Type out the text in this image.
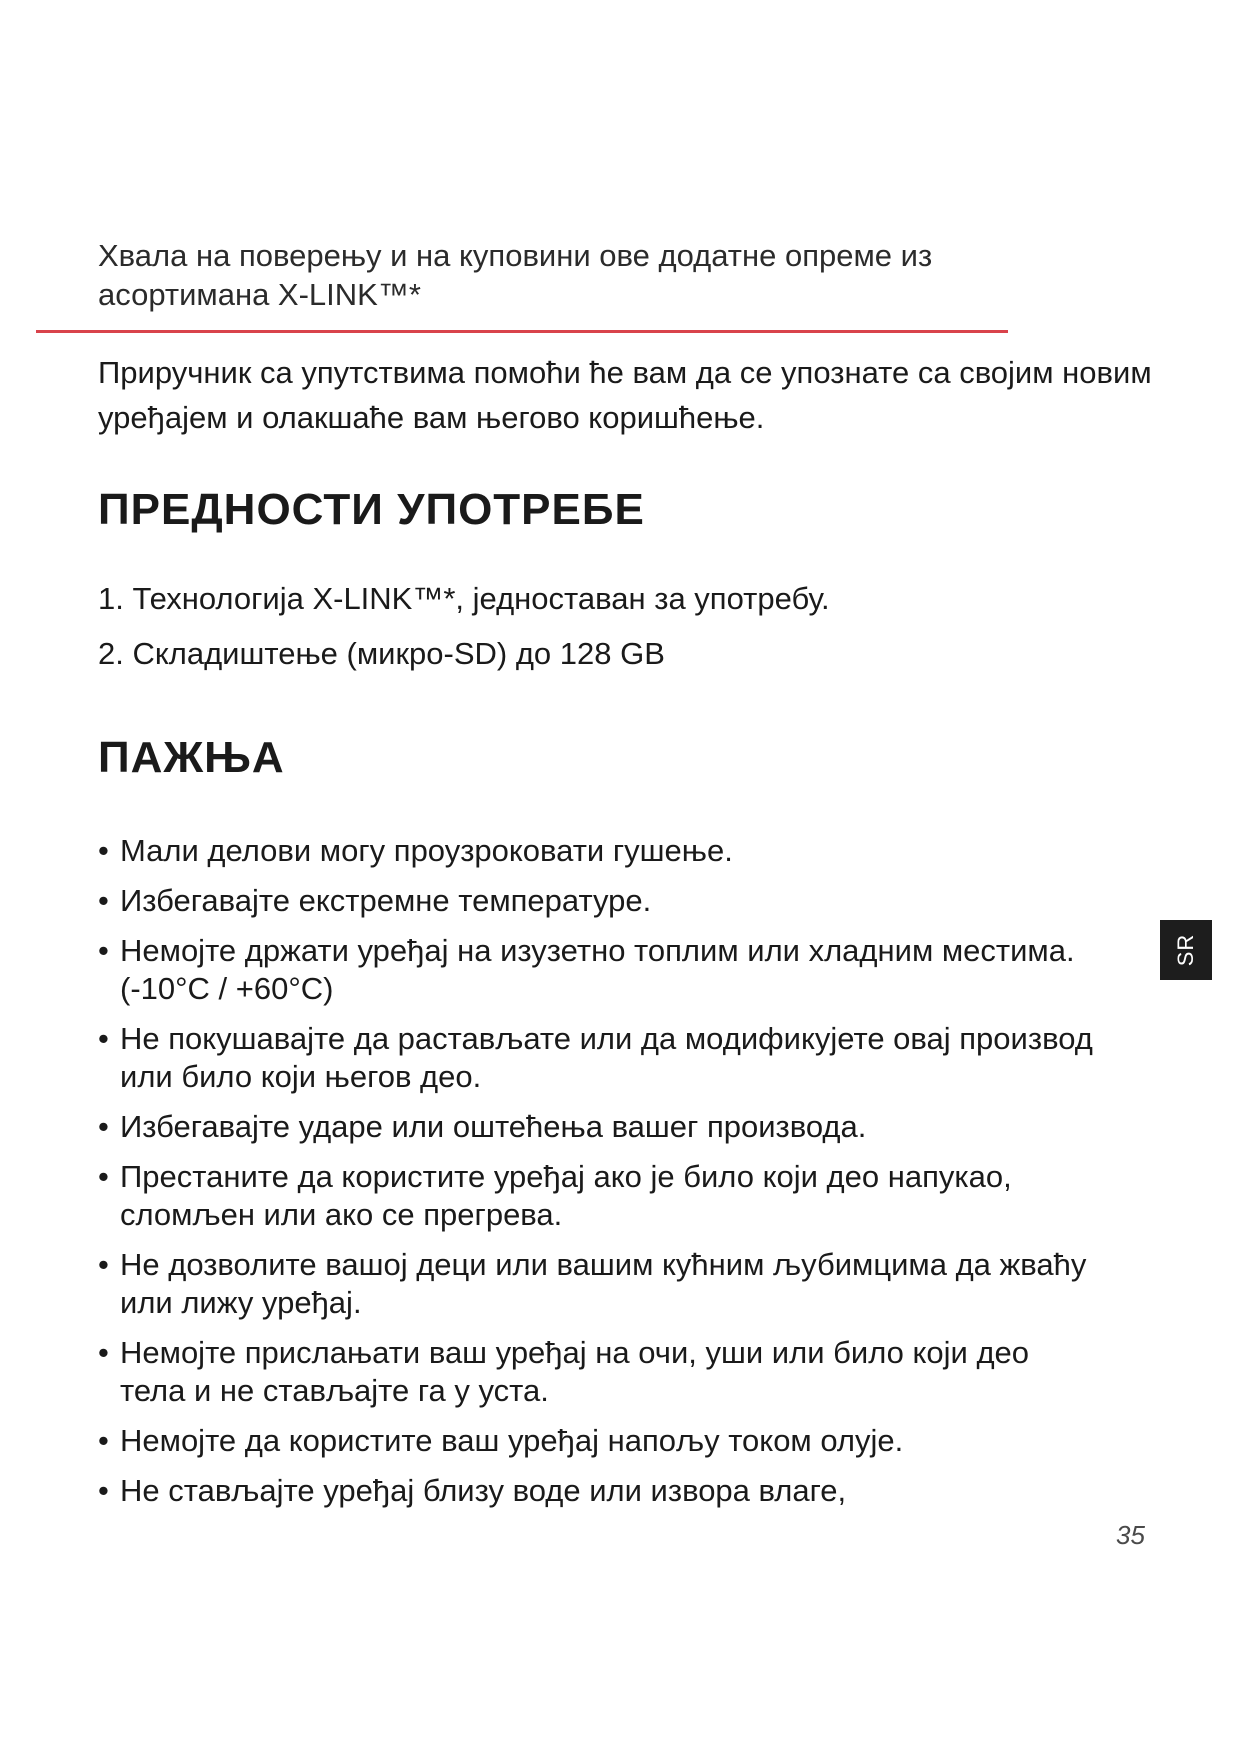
Хвала на поверењу и на куповини ове додатне опреме из
асортимана X-LINK™*
Приручник са упутствима помоћи ће вам да се упознате са својим новим
уређајем и олакшаће вам његово коришћење.
ПРЕДНОСТИ УПОТРЕБЕ
1. Технологија X-LINK™*, једноставан за употребу.
2. Складиштење (микро-SD) до 128 GB
ПАЖЊА
• Мали делови могу проузроковати гушење.
• Избегавајте екстремне температуре.
• Немојте држати уређај на изузетно топлим или хладним местима.
(-10°C / +60°C)
• Не покушавајте да растављате или да модификујете овај производ
или било који његов део.
• Избегавајте ударе или оштећења вашег производа.
• Престаните да користите уређај ако је било који део напукао,
сломљен или ако се прегрева.
• Не дозволите вашој деци или вашим кућним љубимцима да жваћу
или лижу уређај.
• Немојте прислањати ваш уређај на очи, уши или било који део
тела и не стављајте га у уста.
• Немојте да користите ваш уређај напољу током олује.
• Не стављајте уређај близу воде или извора влаге,
SR
35
